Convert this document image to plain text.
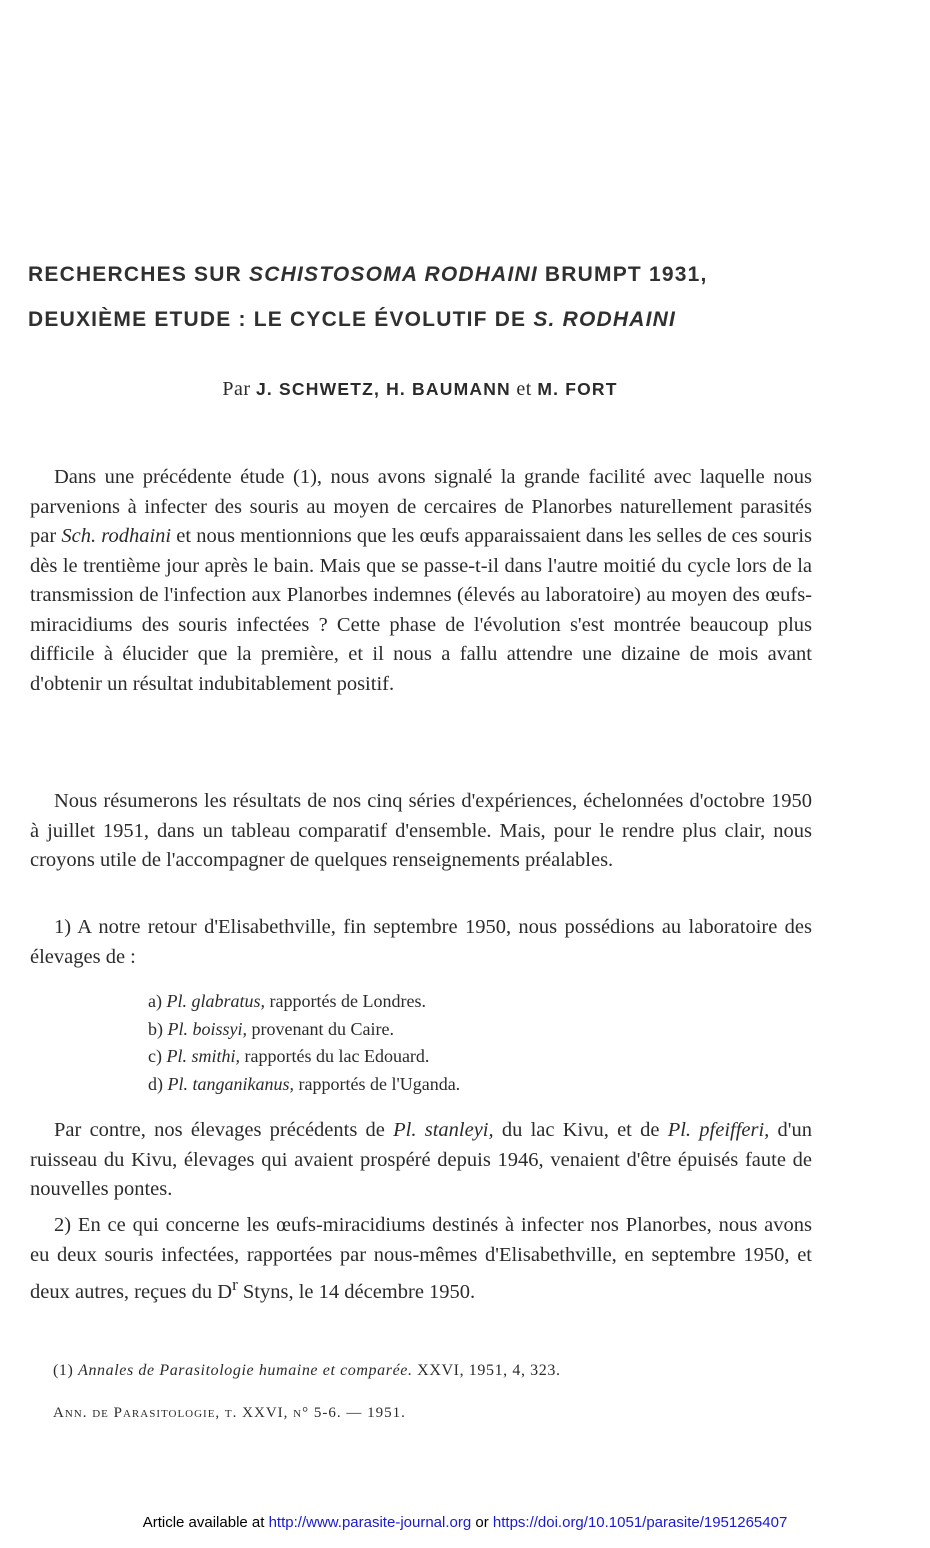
RECHERCHES SUR SCHISTOSOMA RODHAINI BRUMPT 1931,
DEUXIÈME ETUDE : LE CYCLE ÉVOLUTIF DE S. RODHAINI
Par J. SCHWETZ, H. BAUMANN et M. FORT

Dans une précédente étude (1), nous avons signalé la grande facilité avec laquelle nous parvenions à infecter des souris au moyen de cercaires de Planorbes naturellement parasités par Sch. rodhaini et nous mentionnions que les œufs apparaissaient dans les selles de ces souris dès le trentième jour après le bain. Mais que se passe-t-il dans l'autre moitié du cycle lors de la transmission de l'infection aux Planorbes indemnes (élevés au laboratoire) au moyen des œufs-miracidiums des souris infectées ? Cette phase de l'évolution s'est montrée beaucoup plus difficile à élucider que la première, et il nous a fallu attendre une dizaine de mois avant d'obtenir un résultat indubitablement positif.

Nous résumerons les résultats de nos cinq séries d'expériences, échelonnées d'octobre 1950 à juillet 1951, dans un tableau comparatif d'ensemble. Mais, pour le rendre plus clair, nous croyons utile de l'accompagner de quelques renseignements préalables.

1) A notre retour d'Elisabethville, fin septembre 1950, nous possédions au laboratoire des élevages de :

a) Pl. glabratus, rapportés de Londres.
b) Pl. boissyi, provenant du Caire.
c) Pl. smithi, rapportés du lac Edouard.
d) Pl. tanganikanus, rapportés de l'Uganda.

Par contre, nos élevages précédents de Pl. stanleyi, du lac Kivu, et de Pl. pfeifferi, d'un ruisseau du Kivu, élevages qui avaient prospéré depuis 1946, venaient d'être épuisés faute de nouvelles pontes.

2) En ce qui concerne les œufs-miracidiums destinés à infecter nos Planorbes, nous avons eu deux souris infectées, rapportées par nous-mêmes d'Elisabethville, en septembre 1950, et deux autres, reçues du $D^r$ Styns, le 14 décembre 1950.

(1) Annales de Parasitologie humaine et comparée. XXVI, 1951, 4, 323.
Ann. de Parasitologie, t. XXVI, n° 5-6. — 1951.
Article available at http://www.parasite-journal.org or https://doi.org/10.1051/parasite/1951265407
